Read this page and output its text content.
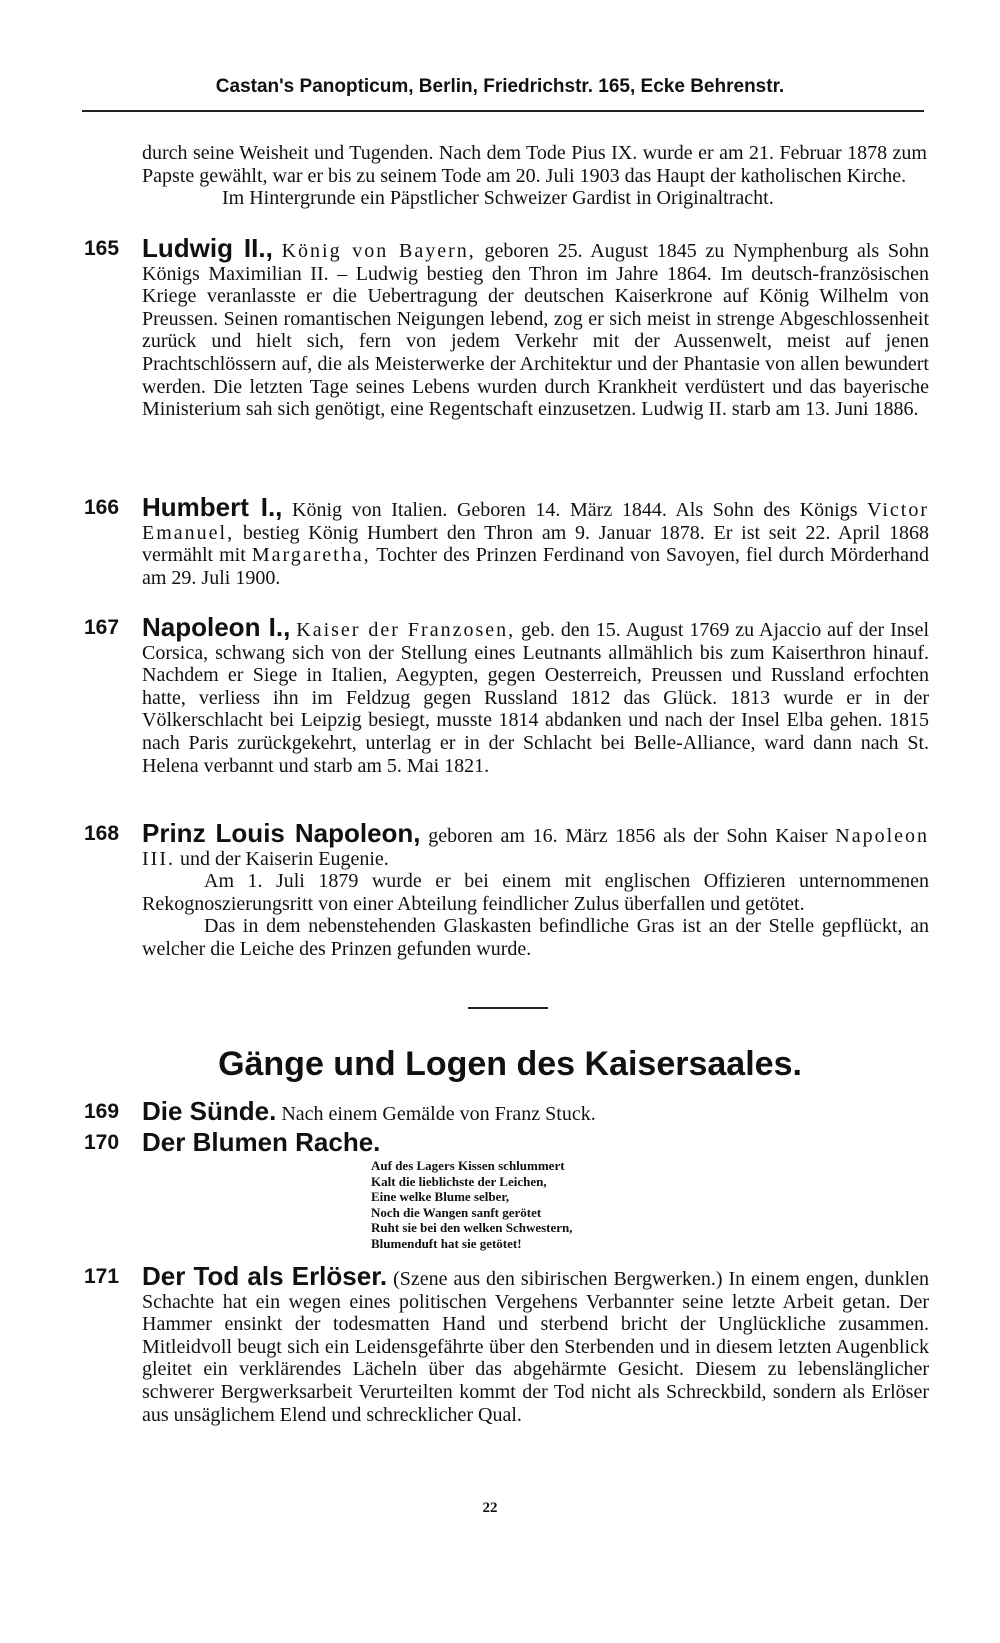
Castan's Panopticum, Berlin, Friedrichstr. 165, Ecke Behrenstr.
durch seine Weisheit und Tugenden. Nach dem Tode Pius IX. wurde er am 21. Februar 1878 zum Papste gewählt, war er bis zu seinem Tode am 20. Juli 1903 das Haupt der katholischen Kirche.
Im Hintergrunde ein Päpstlicher Schweizer Gardist in Originaltracht.
165 Ludwig II., König von Bayern, geboren 25. August 1845 zu Nymphenburg als Sohn Königs Maximilian II. – Ludwig bestieg den Thron im Jahre 1864. Im deutsch-französischen Kriege veranlasste er die Uebertragung der deutschen Kaiserkrone auf König Wilhelm von Preussen. Seinen romantischen Neigungen lebend, zog er sich meist in strenge Abgeschlossenheit zurück und hielt sich, fern von jedem Verkehr mit der Aussenwelt, meist auf jenen Prachtschlössern auf, die als Meisterwerke der Architektur und der Phantasie von allen bewundert werden. Die letzten Tage seines Lebens wurden durch Krankheit verdüstert und das bayerische Ministerium sah sich genötigt, eine Regentschaft einzusetzen. Ludwig II. starb am 13. Juni 1886.
166 Humbert I., König von Italien. Geboren 14. März 1844. Als Sohn des Königs Victor Emanuel, bestieg König Humbert den Thron am 9. Januar 1878. Er ist seit 22. April 1868 vermählt mit Margaretha, Tochter des Prinzen Ferdinand von Savoyen, fiel durch Mörderhand am 29. Juli 1900.
167 Napoleon I., Kaiser der Franzosen, geb. den 15. August 1769 zu Ajaccio auf der Insel Corsica, schwang sich von der Stellung eines Leutnants allmählich bis zum Kaiserthron hinauf. Nachdem er Siege in Italien, Aegypten, gegen Oesterreich, Preussen und Russland erfochten hatte, verliess ihn im Feldzug gegen Russland 1812 das Glück. 1813 wurde er in der Völkerschlacht bei Leipzig besiegt, musste 1814 abdanken und nach der Insel Elba gehen. 1815 nach Paris zurückgekehrt, unterlag er in der Schlacht bei Belle-Alliance, ward dann nach St. Helena verbannt und starb am 5. Mai 1821.
168 Prinz Louis Napoleon, geboren am 16. März 1856 als der Sohn Kaiser Napoleon III. und der Kaiserin Eugenie.
Am 1. Juli 1879 wurde er bei einem mit englischen Offizieren unternommenen Rekognoszierungsritt von einer Abteilung feindlicher Zulus überfallen und getötet.
Das in dem nebenstehenden Glaskasten befindliche Gras ist an der Stelle gepflückt, an welcher die Leiche des Prinzen gefunden wurde.
Gänge und Logen des Kaisersaales.
169 Die Sünde. Nach einem Gemälde von Franz Stuck.
170 Der Blumen Rache.
Auf des Lagers Kissen schlummert
Kalt die lieblichste der Leichen,
Eine welke Blume selber,
Noch die Wangen sanft gerötet
Ruht sie bei den welken Schwestern,
Blumenduft hat sie getötet!
171 Der Tod als Erlöser. (Szene aus den sibirischen Bergwerken.) In einem engen, dunklen Schachte hat ein wegen eines politischen Vergehens Verbannter seine letzte Arbeit getan. Der Hammer ensinkt der todesmatten Hand und sterbend bricht der Unglückliche zusammen. Mitleidvoll beugt sich ein Leidensgefährte über den Sterbenden und in diesem letzten Augenblick gleitet ein verklärendes Lächeln über das abgehärmte Gesicht. Diesem zu lebenslänglicher schwerer Bergwerksarbeit Verurteilten kommt der Tod nicht als Schreckbild, sondern als Erlöser aus unsäglichem Elend und schrecklicher Qual.
22
